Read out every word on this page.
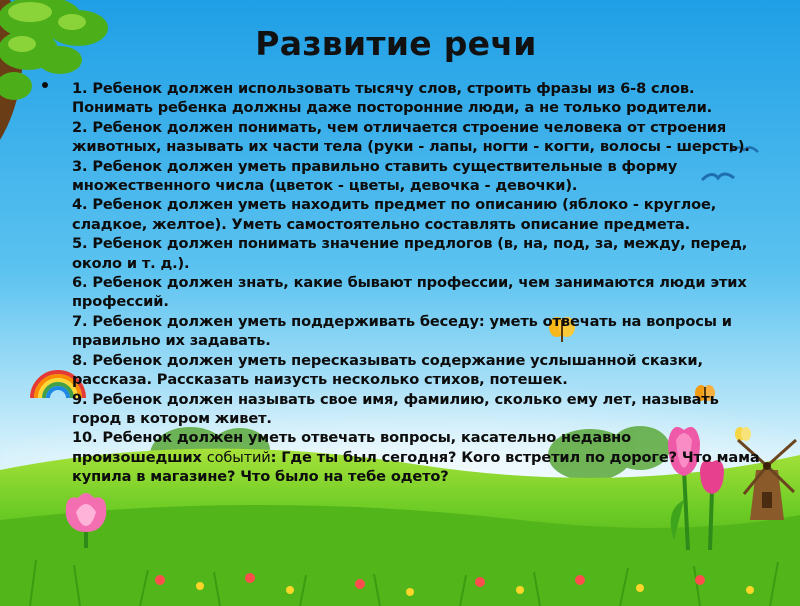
Развитие речи

1. Ребенок должен использовать тысячу слов, строить фразы из 6-8 слов. Понимать ребенка должны даже посторонние люди, а не только родители.

2. Ребенок должен понимать, чем отличается строение человека от строения животных, называть их части тела (руки - лапы, ногти - когти, волосы - шерсть).

3. Ребенок должен уметь правильно ставить существительные в форму множественного числа (цветок - цветы, девочка - девочки).

4. Ребенок должен уметь находить предмет по описанию (яблоко - круглое, сладкое, желтое). Уметь самостоятельно составлять описание предмета.

5. Ребенок должен понимать значение предлогов (в, на, под, за, между, перед, около и т. д.).

6. Ребенок должен знать, какие бывают профессии, чем занимаются люди этих профессий.

7. Ребенок должен уметь поддерживать беседу: уметь отвечать на вопросы и правильно их задавать.

8. Ребенок должен уметь пересказывать содержание услышанной сказки, рассказа. Рассказать наизусть несколько стихов, потешек.

9. Ребенок должен называть свое имя, фамилию, сколько ему лет, называть город в котором живет.

10. Ребенок должен уметь отвечать вопросы, касательно недавно произошедших событий: Где ты был сегодня? Кого встретил по дороге? Что мама купила в магазине? Что было на тебе одето?
